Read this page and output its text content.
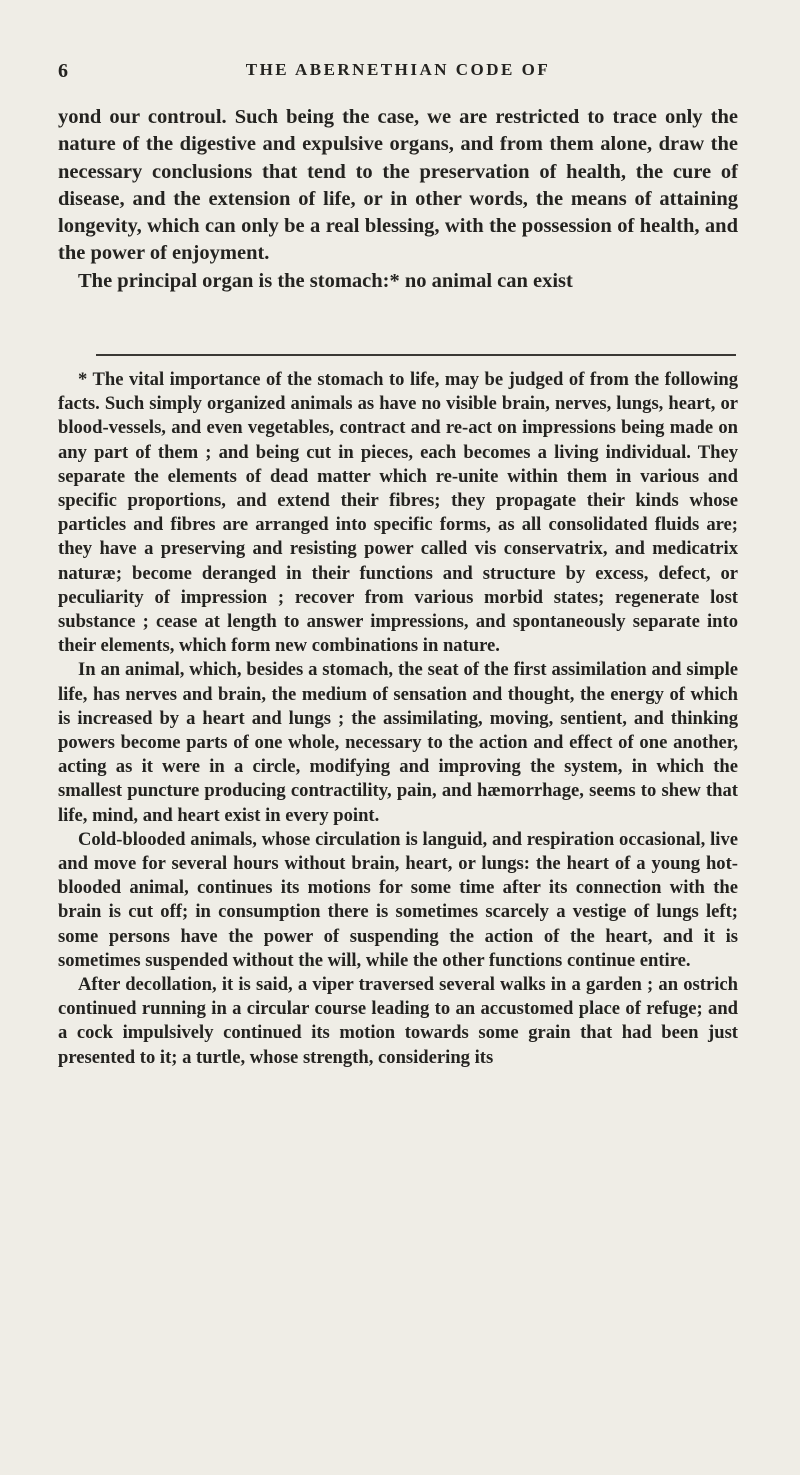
6	THE ABERNETHIAN CODE OF

yond our controul. Such being the case, we are restricted to trace only the nature of the digestive and expulsive organs, and from them alone, draw the necessary conclusions that tend to the preservation of health, the cure of disease, and the extension of life, or in other words, the means of attaining longevity, which can only be a real blessing, with the possession of health, and the power of enjoyment.

The principal organ is the stomach:* no animal can exist

* The vital importance of the stomach to life, may be judged of from the following facts. Such simply organized animals as have no visible brain, nerves, lungs, heart, or blood-vessels, and even vegetables, contract and re-act on impressions being made on any part of them ; and being cut in pieces, each becomes a living individual. They separate the elements of dead matter which re-unite within them in various and specific proportions, and extend their fibres; they propagate their kinds whose particles and fibres are arranged into specific forms, as all consolidated fluids are; they have a preserving and resisting power called vis conservatrix, and medicatrix naturæ; become deranged in their functions and structure by excess, defect, or peculiarity of impression ; recover from various morbid states; regenerate lost substance ; cease at length to answer impressions, and spontaneously separate into their elements, which form new combinations in nature.

In an animal, which, besides a stomach, the seat of the first assimilation and simple life, has nerves and brain, the medium of sensation and thought, the energy of which is increased by a heart and lungs ; the assimilating, moving, sentient, and thinking powers become parts of one whole, necessary to the action and effect of one another, acting as it were in a circle, modifying and improving the system, in which the smallest puncture producing contractility, pain, and hæmorrhage, seems to shew that life, mind, and heart exist in every point.

Cold-blooded animals, whose circulation is languid, and respiration occasional, live and move for several hours without brain, heart, or lungs: the heart of a young hot-blooded animal, continues its motions for some time after its connection with the brain is cut off; in consumption there is sometimes scarcely a vestige of lungs left; some persons have the power of suspending the action of the heart, and it is sometimes suspended without the will, while the other functions continue entire.

After decollation, it is said, a viper traversed several walks in a garden ; an ostrich continued running in a circular course leading to an accustomed place of refuge; and a cock impulsively continued its motion towards some grain that had been just presented to it; a turtle, whose strength, considering its
